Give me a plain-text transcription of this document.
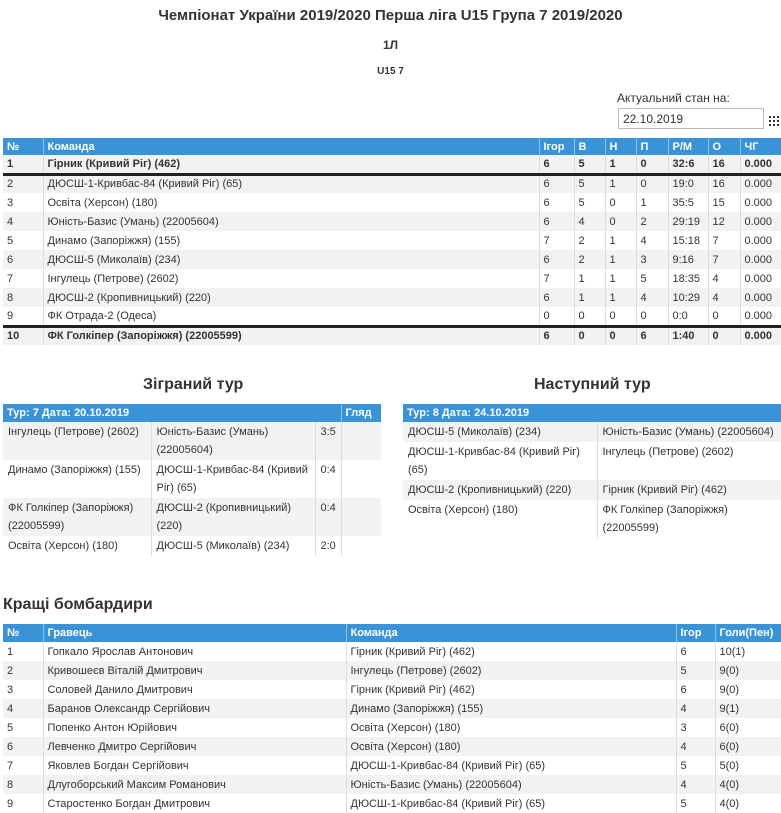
Чемпіонат України 2019/2020 Перша ліга U15 Група 7 2019/2020
1Л
U15 7
Актуальний стан на:
22.10.2019
№	Команда	Ігор	В	Н	П	Р/М	О	ЧГ
1	Гірник (Кривий Ріг) (462)	6	5	1	0	32:6	16	0.000
2	ДЮСШ-1-Кривбас-84 (Кривий Ріг) (65)	6	5	1	0	19:0	16	0.000
3	Освіта (Херсон) (180)	6	5	0	1	35:5	15	0.000
4	Юність-Базис (Умань) (22005604)	6	4	0	2	29:19	12	0.000
5	Динамо (Запоріжжя) (155)	7	2	1	4	15:18	7	0.000
6	ДЮСШ-5 (Миколаїв) (234)	6	2	1	3	9:16	7	0.000
7	Інгулець (Петрове) (2602)	7	1	1	5	18:35	4	0.000
8	ДЮСШ-2 (Кропивницький) (220)	6	1	1	4	10:29	4	0.000
9	ФК Отрада-2 (Одеса)	0	0	0	0	0:0	0	0.000
10	ФК Голкіпер (Запоріжжя) (22005599)	6	0	0	6	1:40	0	0.000
Зіграний тур
Тур: 7 Дата: 20.10.2019			Гляд
Інгулець (Петрове) (2602)	Юність-Базис (Умань) (22005604)	3:5	
Динамо (Запоріжжя) (155)	ДЮСШ-1-Кривбас-84 (Кривий Ріг) (65)	0:4	
ФК Голкіпер (Запоріжжя) (22005599)	ДЮСШ-2 (Кропивницький) (220)	0:4	
Освіта (Херсон) (180)	ДЮСШ-5 (Миколаїв) (234)	2:0	
Наступний тур
Тур: 8 Дата: 24.10.2019	
ДЮСШ-5 (Миколаїв) (234)	Юність-Базис (Умань) (22005604)
ДЮСШ-1-Кривбас-84 (Кривий Ріг) (65)	Інгулець (Петрове) (2602)
ДЮСШ-2 (Кропивницький) (220)	Гірник (Кривий Ріг) (462)
Освіта (Херсон) (180)	ФК Голкіпер (Запоріжжя) (22005599)
Кращі бомбардири
№	Гравець	Команда	Ігор	Голи(Пен)
1	Гопкало Ярослав Антонович	Гірник (Кривий Ріг) (462)	6	10(1)
2	Кривошеєв Віталій Дмитрович	Інгулець (Петрове) (2602)	5	9(0)
3	Соловей Данило Дмитрович	Гірник (Кривий Ріг) (462)	6	9(0)
4	Баранов Олександр Сергійович	Динамо (Запоріжжя) (155)	4	9(1)
5	Попенко Антон Юрійович	Освіта (Херсон) (180)	3	6(0)
6	Левченко Дмитро Сергійович	Освіта (Херсон) (180)	4	6(0)
7	Яковлев Богдан Сергійович	ДЮСШ-1-Кривбас-84 (Кривий Ріг) (65)	5	5(0)
8	Длугоборський Максим Романович	Юність-Базис (Умань) (22005604)	4	4(0)
9	Старостенко Богдан Дмитрович	ДЮСШ-1-Кривбас-84 (Кривий Ріг) (65)	5	4(0)
